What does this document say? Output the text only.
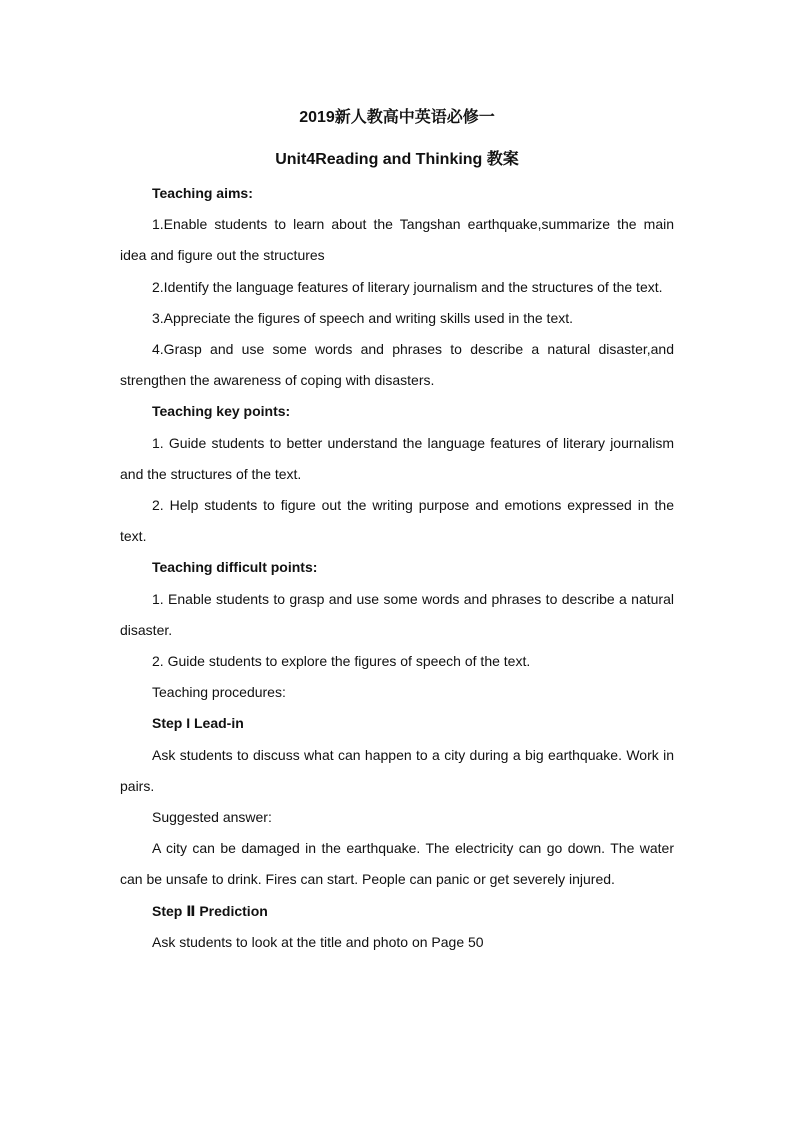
2019新人教高中英语必修一
Unit4Reading and Thinking 教案

Teaching aims:

1.Enable students to learn about the Tangshan earthquake,summarize the main idea and figure out the structures

2.Identify the language features of literary journalism and the structures of the text.

3.Appreciate the figures of speech and writing skills used in the text.

4.Grasp and use some words and phrases to describe a natural disaster,and strengthen the awareness of coping with disasters.

Teaching key points:

1. Guide students to better understand the language features of literary journalism and the structures of the text.

2. Help students to figure out the writing purpose and emotions expressed in the text.

Teaching difficult points:

1. Enable students to grasp and use some words and phrases to describe a natural disaster.

2. Guide students to explore the figures of speech of the text.

Teaching procedures:

Step I Lead-in

Ask students to discuss what can happen to a city during a big earthquake. Work in pairs.

Suggested answer:

A city can be damaged in the earthquake. The electricity can go down. The water can be unsafe to drink. Fires can start. People can panic or get severely injured.

Step Ⅱ Prediction

Ask students to look at the title and photo on Page 50
